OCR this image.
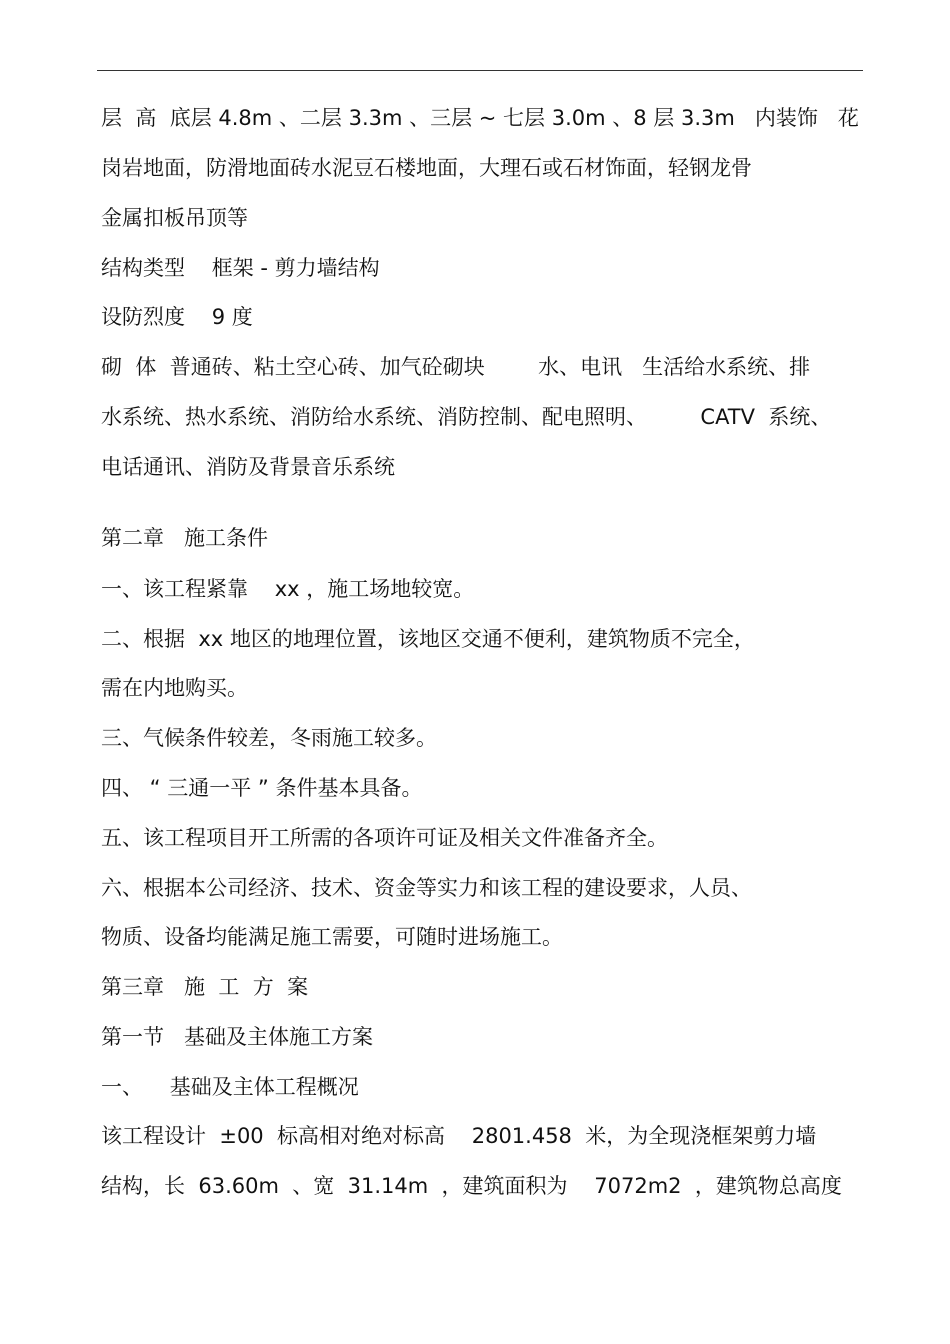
层  高  底层 4.8m 、二层 3.3m 、三层 ~ 七层 3.0m 、8 层 3.3m   内装饰   花
岗岩地面，防滑地面砖水泥豆石楼地面，大理石或石材饰面，轻钢龙骨
金属扣板吊顶等
结构类型    框架 - 剪力墙结构
设防烈度    9 度
砌  体  普通砖、粘土空心砖、加气砼砌块        水、电讯   生活给水系统、排
水系统、热水系统、消防给水系统、消防控制、配电照明、        CATV  系统、
电话通讯、消防及背景音乐系统
第二章   施工条件
一、该工程紧靠    xx ，施工场地较宽。
二、根据  xx 地区的地理位置，该地区交通不便利，建筑物质不完全，
需在内地购买。
三、气候条件较差，冬雨施工较多。
四、 “ 三通一平 ” 条件基本具备。
五、该工程项目开工所需的各项许可证及相关文件准备齐全。
六、根据本公司经济、技术、资金等实力和该工程的建设要求，人员、
物质、设备均能满足施工需要，可随时进场施工。
第三章   施  工  方  案
第一节   基础及主体施工方案
一、    基础及主体工程概况
该工程设计  ±00  标高相对绝对标高    2801.458  米，为全现浇框架剪力墙
结构，长  63.60m  、宽  31.14m  ，建筑面积为    7072m2  ，建筑物总高度
